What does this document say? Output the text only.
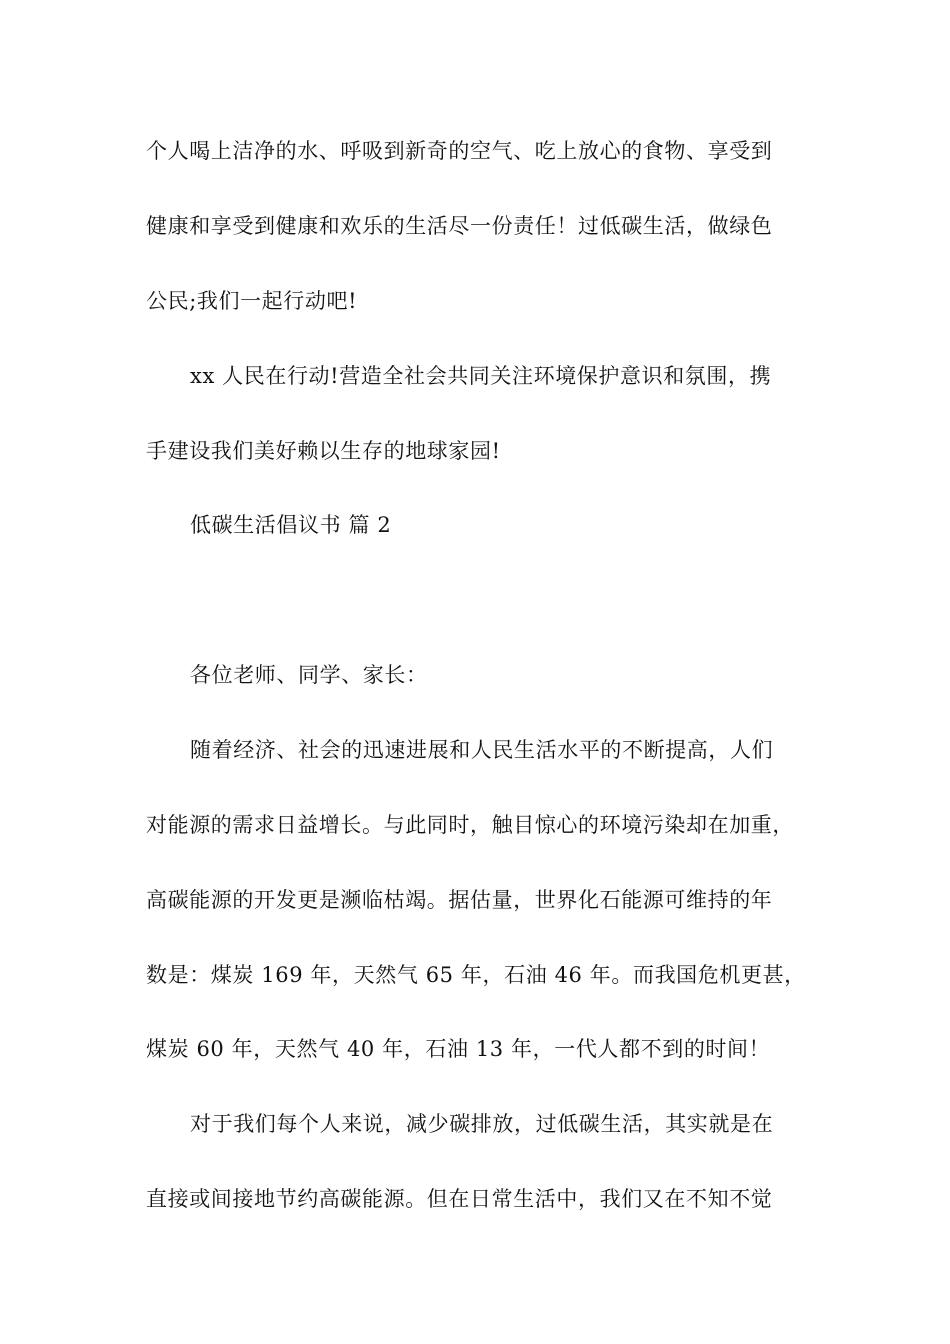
个人喝上洁净的水、呼吸到新奇的空气、吃上放心的食物、享受到
健康和享受到健康和欢乐的生活尽一份责任！过低碳生活，做绿色
公民;我们一起行动吧!
xx 人民在行动!营造全社会共同关注环境保护意识和氛围，携
手建设我们美好赖以生存的地球家园!
低碳生活倡议书 篇 2
各位老师、同学、家长：
随着经济、社会的迅速进展和人民生活水平的不断提高，人们
对能源的需求日益增长。与此同时，触目惊心的环境污染却在加重，
高碳能源的开发更是濒临枯竭。据估量，世界化石能源可维持的年
数是：煤炭 169 年，天然气 65 年，石油 46 年。而我国危机更甚，
煤炭 60 年，天然气 40 年，石油 13 年，一代人都不到的时间！
对于我们每个人来说，减少碳排放，过低碳生活，其实就是在
直接或间接地节约高碳能源。但在日常生活中，我们又在不知不觉
